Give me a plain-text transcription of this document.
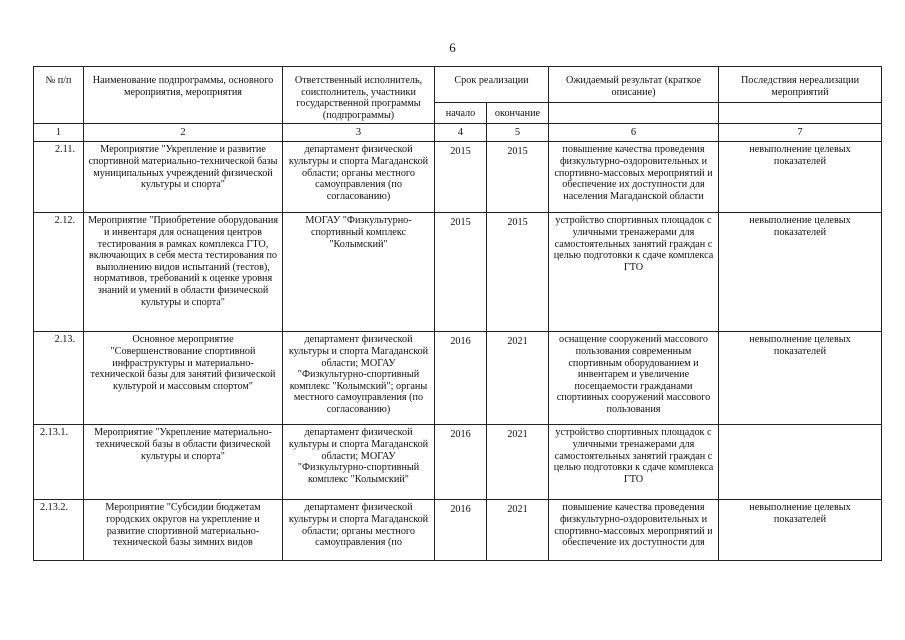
6
№ п/п	Наименование подпрограммы, основного мероприятия, мероприятия	Ответственный исполнитель, соисполнитель, участники государственной программы (подпрограммы)	Срок реализации		Ожидаемый результат (краткое описание)	Последствия нереализации мероприятий
			начало	окончание		
1	2	3	4	5	6	7
2.11.	Мероприятие "Укрепление и развитие спортивной материально-технической базы муниципальных учреждений физической культуры и спорта"	департамент физической культуры и спорта Магаданской области; органы местного самоуправления (по согласованию)	2015	2015	повышение качества проведения физкультурно-оздоровительных и спортивно-массовых мероприятий и обеспечение их доступности для населения Магаданской области	невыполнение целевых показателей
2.12.	Мероприятие "Приобретение оборудования и инвентаря для оснащения центров тестирования в рамках комплекса ГТО, включающих в себя места тестирования по выполнению видов испытаний (тестов), нормативов, требований к оценке уровня знаний и умений в области физической культуры и спорта"	МОГАУ "Физкультурно-спортивный комплекс "Колымский"	2015	2015	устройство спортивных площадок с уличными тренажерами для самостоятельных занятий граждан с целью подготовки к сдаче комплекса ГТО	невыполнение целевых показателей
2.13.	Основное мероприятие "Совершенствование спортивной инфраструктуры и материально-технической базы для занятий физической культурой и массовым спортом"	департамент физической культуры и спорта Магаданской области; МОГАУ "Физкультурно-спортивный комплекс "Колымский"; органы местного самоуправления (по согласованию)	2016	2021	оснащение сооружений массового пользования современным спортивным оборудованием и инвентарем и увеличение посещаемости гражданами спортивных сооружений массового пользования	невыполнение целевых показателей
2.13.1.	Мероприятие "Укрепление материально-технической базы в области физической культуры и спорта"	департамент физической культуры и спорта Магаданской области; МОГАУ "Физкультурно-спортивный комплекс "Колымский"	2016	2021	устройство спортивных площадок с уличными тренажерами для самостоятельных занятий граждан с целью подготовки к сдаче комплекса ГТО	
2.13.2.	Мероприятие "Субсидии бюджетам городских округов на укрепление и развитие спортивной материально-технической базы зимних видов	департамент физической культуры и спорта Магаданской области; органы местного самоуправления (по	2016	2021	повышение качества проведения физкультурно-оздоровительных и спортивно-массовых мероприятий и обеспечение их доступности для	невыполнение целевых показателей
